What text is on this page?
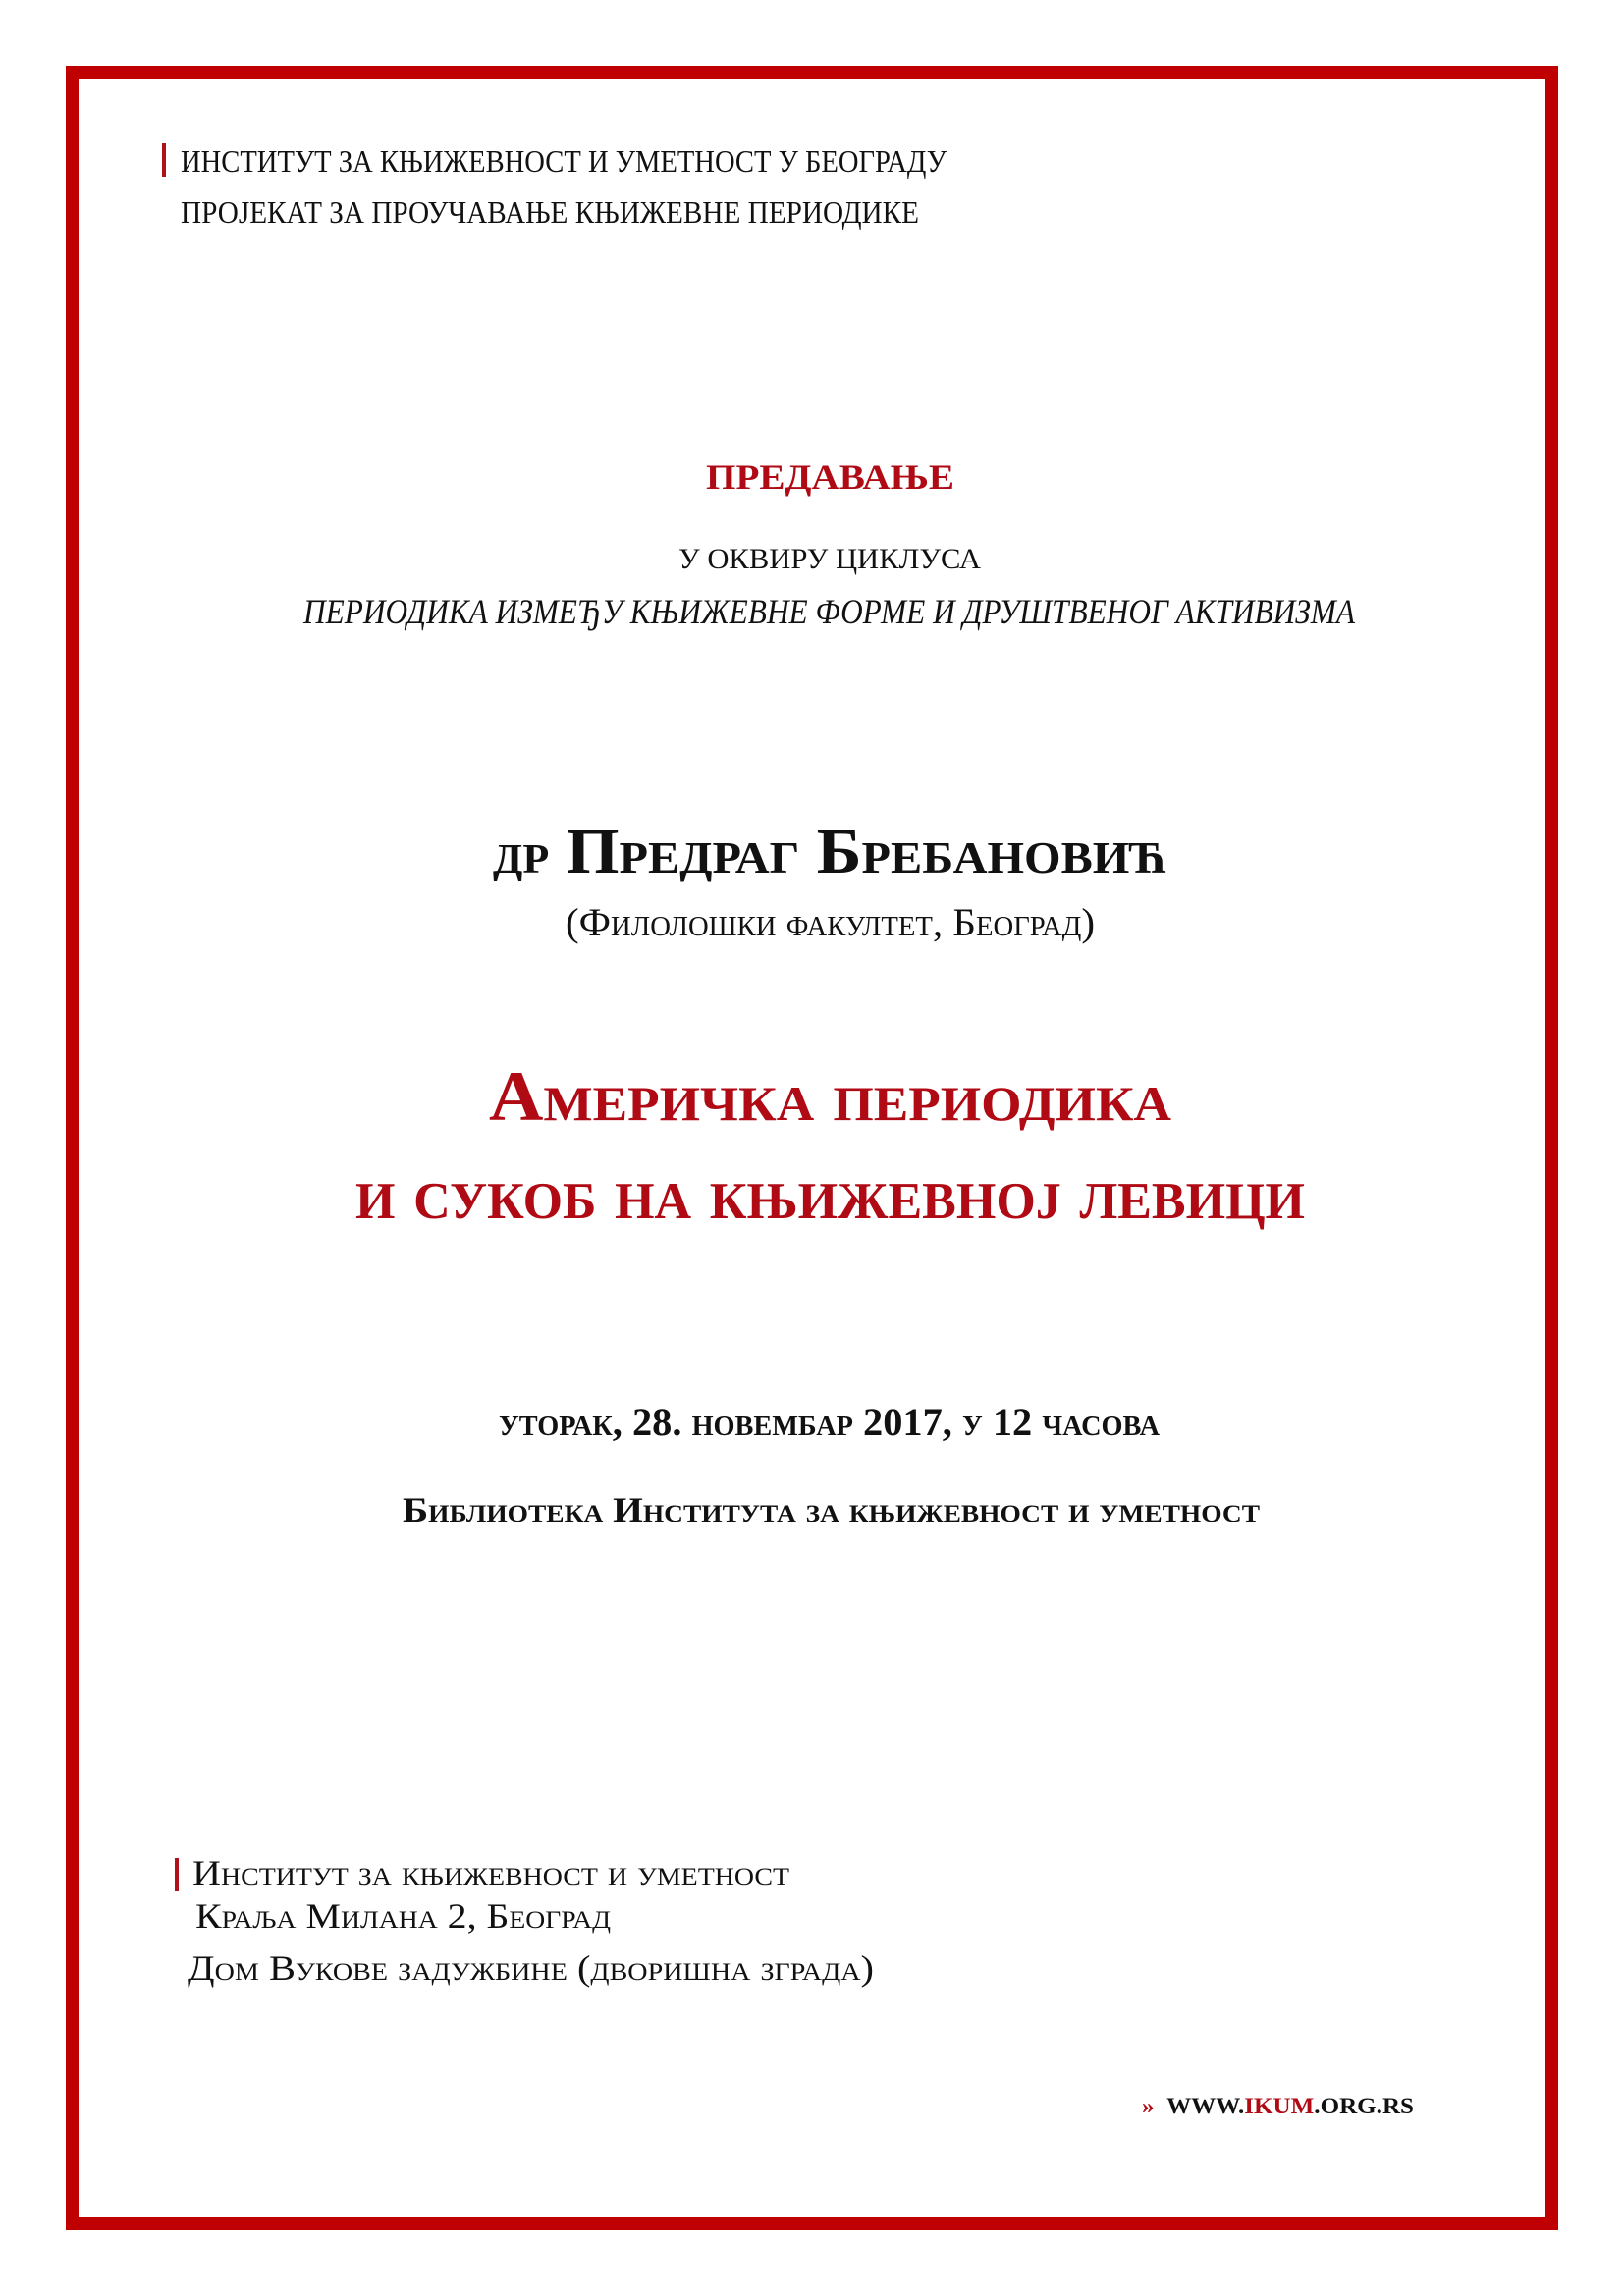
ИНСТИТУТ ЗА КЊИЖЕВНОСТ И УМЕТНОСТ У БЕОГРАДУ
ПРОЈЕКАТ ЗА ПРОУЧАВАЊЕ КЊИЖЕВНЕ ПЕРИОДИКЕ
ПРЕДАВАЊЕ
У ОКВИРУ ЦИКЛУСА
ПЕРИОДИКА ИЗМЕЂУ КЊИЖЕВНЕ ФОРМЕ И ДРУШТВЕНОГ АКТИВИЗМА
др Предраг Бребановић
(Филолошки факултет, Београд)
Америчка периодика
и сукоб на књижевној левици
уторак, 28. новембар 2017, у 12 часова
Библиотека Института за књижевност и уметност
Институт за књижевност и уметност
Краља Милана 2, Београд
Дом Вукове задужбине (дворишна зграда)
» WWW.IKUM.ORG.RS
